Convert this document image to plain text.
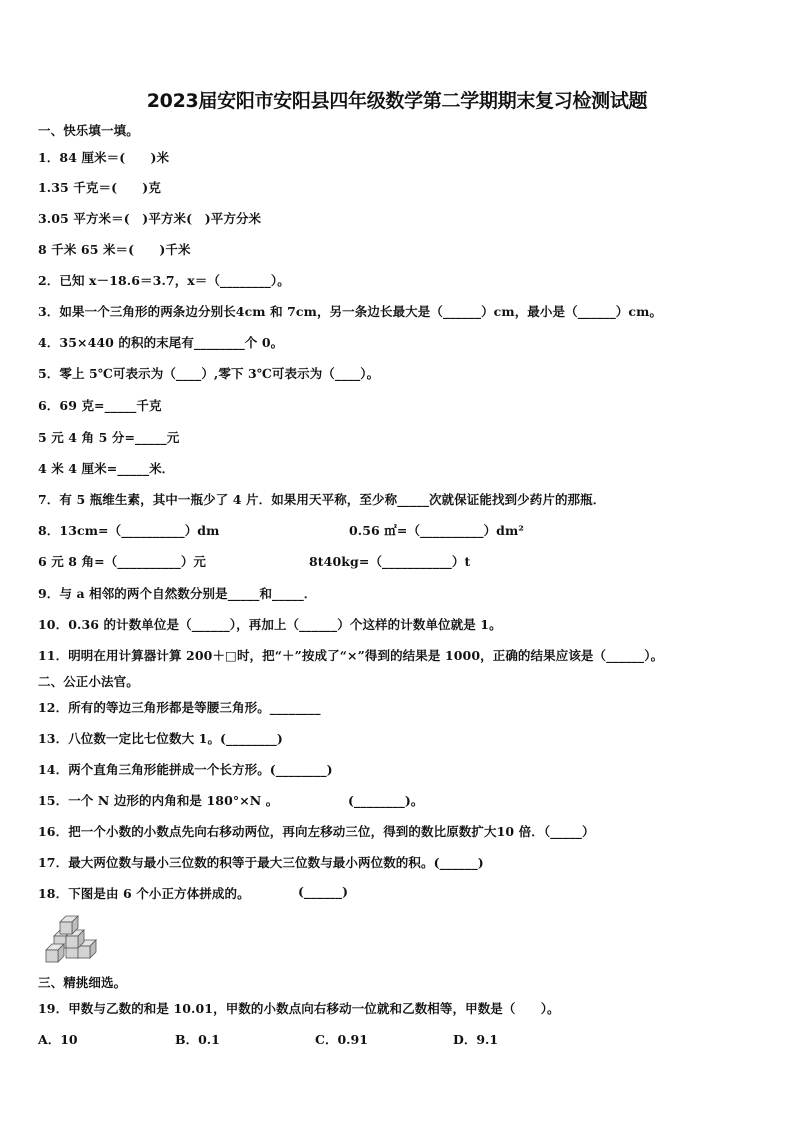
2023届安阳市安阳县四年级数学第二学期期末复习检测试题
一、快乐填一填。
1．84 厘米＝(　　)米
1.35 千克＝(　　)克
3.05 平方米＝(　)平方米(　)平方分米
8 千米 65 米＝(　　)千米
2．已知 x－18.6＝3.7，x＝（________）。
3．如果一个三角形的两条边分别长4cm 和 7cm，另一条边长最大是（______）cm，最小是（______）cm。
4．35×440 的积的末尾有________个 0。
5．零上 5℃可表示为（____）,零下 3℃可表示为（____）。
6．69 克=_____千克
5 元 4 角 5 分=_____元
4 米 4 厘米=_____米．
7．有 5 瓶维生素，其中一瓶少了 4 片．如果用天平称，至少称_____次就保证能找到少药片的那瓶．
8．13cm=（__________）dm	0.56 ㎡=（__________）dm²
6 元 8 角=（__________）元	8t40kg=（___________）t
9．与 a 相邻的两个自然数分别是_____和_____．
10．0.36 的计数单位是（______），再加上（______）个这样的计数单位就是 1。
11．明明在用计算器计算 200＋□时，把“＋”按成了“×”得到的结果是 1000，正确的结果应该是（______）。
二、公正小法官。
12．所有的等边三角形都是等腰三角形。________
13．八位数一定比七位数大 1。(________)
14．两个直角三角形能拼成一个长方形。(________)
15．一个 N 边形的内角和是 180°×N 。	(________)。
16．把一个小数的小数点先向右移动两位，再向左移动三位，得到的数比原数扩大10 倍．（_____）
17．最大两位数与最小三位数的积等于最大三位数与最小两位数的积。(______)
18．下图是由 6 个小正方体拼成的。	(______)
三、精挑细选。
19．甲数与乙数的和是 10.01，甲数的小数点向右移动一位就和乙数相等，甲数是（　　）。
A．10	B．0.1	C．0.91	D．9.1
